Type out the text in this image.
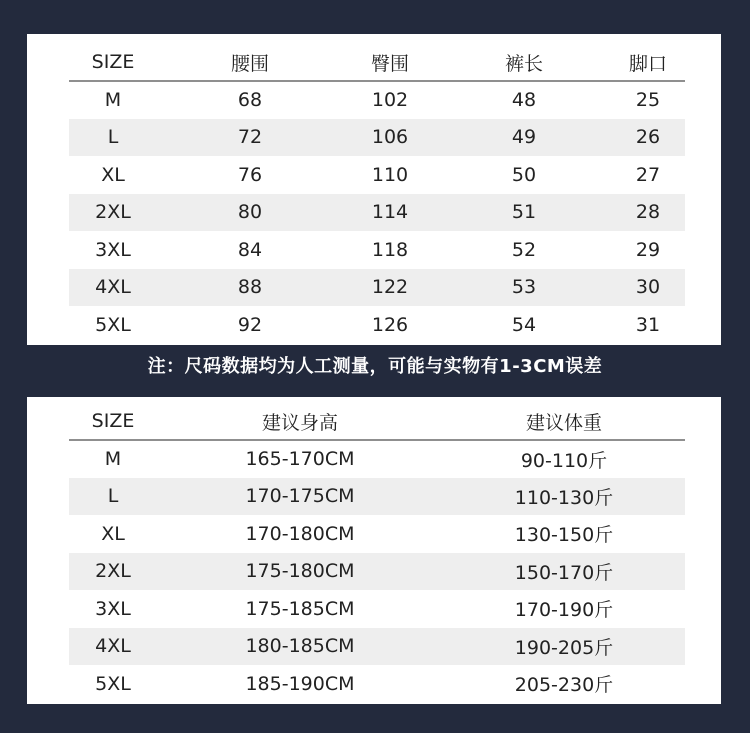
SIZE	腰围	臀围	裤长	脚口
M	68	102	48	25
L	72	106	49	26
XL	76	110	50	27
2XL	80	114	51	28
3XL	84	118	52	29
4XL	88	122	53	30
5XL	92	126	54	31
注：尺码数据均为人工测量，可能与实物有1-3CM误差
SIZE	建议身高	建议体重
M	165-170CM	90-110斤
L	170-175CM	110-130斤
XL	170-180CM	130-150斤
2XL	175-180CM	150-170斤
3XL	175-185CM	170-190斤
4XL	180-185CM	190-205斤
5XL	185-190CM	205-230斤
